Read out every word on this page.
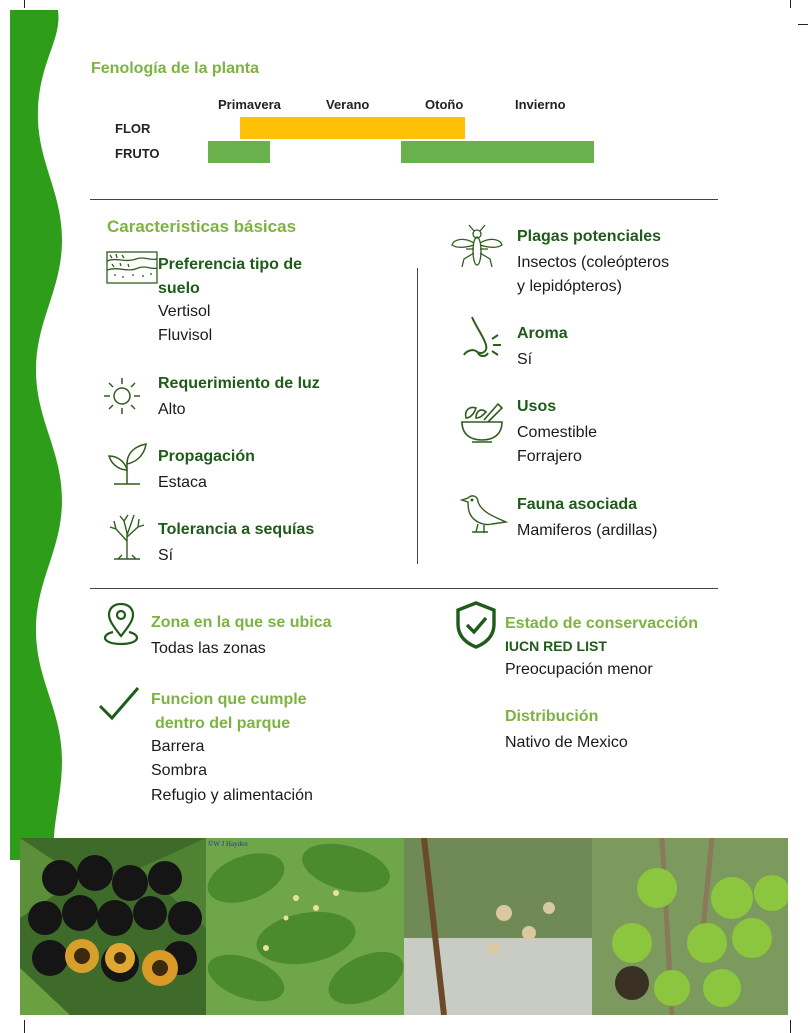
Fenología de la planta
Primavera	Verano	Otoño	Invierno
FLOR
FRUTO
Caracteristicas básicas
Preferencia tipo de
suelo
Vertisol
Fluvisol
Requerimiento de luz
Alto
Propagación
Estaca
Tolerancia a sequías
Sí
Plagas potenciales
Insectos (coleópteros
y lepidópteros)
Aroma
Sí
Usos
Comestible
Forrajero
Fauna asociada
Mamiferos (ardillas)
Zona en la que se ubica
Todas las zonas
Funcion que cumple
dentro del parque
Barrera
Sombra
Refugio y alimentación
Estado de conservacción
IUCN RED LIST
Preocupación menor
Distribución
Nativo de Mexico
©W J Hayden
